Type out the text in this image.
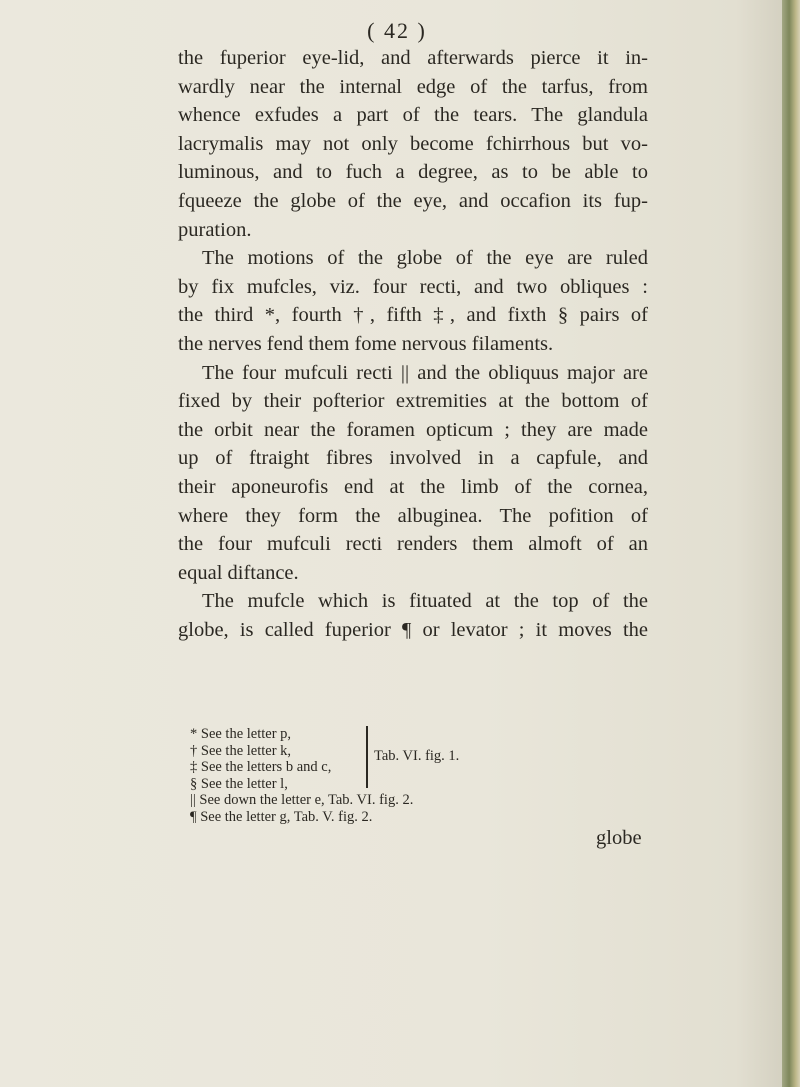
( 42 )
the fuperior eye-lid, and afterwards pierce it in-
wardly near the internal edge of the tarfus, from
whence exfudes a part of the tears. The glandula
lacrymalis may not only become fchirrhous but vo-
luminous, and to fuch a degree, as to be able to
fqueeze the globe of the eye, and occafion its fup-
puration.
The motions of the globe of the eye are ruled
by fix mufcles, viz. four recti, and two obliques :
the third *, fourth †, fifth ‡, and fixth § pairs of
the nerves fend them fome nervous filaments.
The four mufculi recti || and the obliquus major are
fixed by their pofterior extremities at the bottom of
the orbit near the foramen opticum ; they are made
up of ftraight fibres involved in a capfule, and
their aponeurofis end at the limb of the cornea,
where they form the albuginea. The pofition of
the four mufculi recti renders them almoft of an
equal diftance.
The mufcle which is fituated at the top of the
globe, is called fuperior ¶ or levator ; it moves the
* See the letter p,
† See the letter k,
‡ See the letters b and c,
§ See the letter l,
Tab. VI. fig. 1.
|| See down the letter e, Tab. VI. fig. 2.
¶ See the letter g, Tab. V. fig. 2.
globe
